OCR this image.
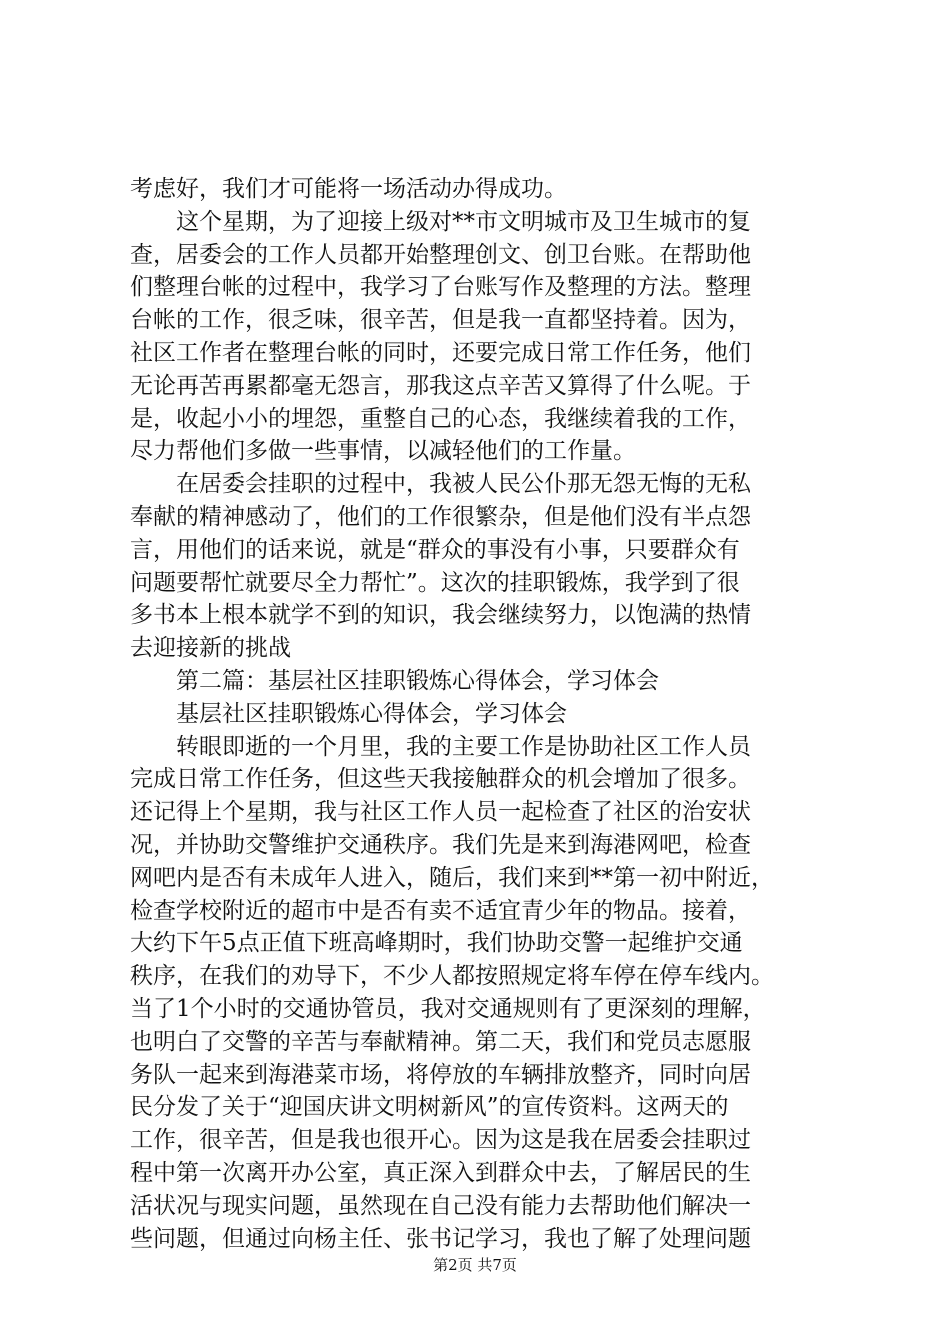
考虑好，我们才可能将一场活动办得成功。
这个星期，为了迎接上级对**市文明城市及卫生城市的复
查，居委会的工作人员都开始整理创文、创卫台账。在帮助他
们整理台帐的过程中，我学习了台账写作及整理的方法。整理
台帐的工作，很乏味，很辛苦，但是我一直都坚持着。因为，
社区工作者在整理台帐的同时，还要完成日常工作任务，他们
无论再苦再累都毫无怨言，那我这点辛苦又算得了什么呢。于
是，收起小小的埋怨，重整自己的心态，我继续着我的工作，
尽力帮他们多做一些事情，以减轻他们的工作量。
在居委会挂职的过程中，我被人民公仆那无怨无悔的无私
奉献的精神感动了，他们的工作很繁杂，但是他们没有半点怨
言，用他们的话来说，就是“群众的事没有小事，只要群众有
问题要帮忙就要尽全力帮忙”。这次的挂职锻炼，我学到了很
多书本上根本就学不到的知识，我会继续努力，以饱满的热情
去迎接新的挑战
第二篇：基层社区挂职锻炼心得体会，学习体会
基层社区挂职锻炼心得体会，学习体会
转眼即逝的一个月里，我的主要工作是协助社区工作人员
完成日常工作任务，但这些天我接触群众的机会增加了很多。
还记得上个星期，我与社区工作人员一起检查了社区的治安状
况，并协助交警维护交通秩序。我们先是来到海港网吧，检查
网吧内是否有未成年人进入，随后，我们来到**第一初中附近，
检查学校附近的超市中是否有卖不适宜青少年的物品。接着，
大约下午5点正值下班高峰期时，我们协助交警一起维护交通
秩序，在我们的劝导下，不少人都按照规定将车停在停车线内。
当了1个小时的交通协管员，我对交通规则有了更深刻的理解，
也明白了交警的辛苦与奉献精神。第二天，我们和党员志愿服
务队一起来到海港菜市场，将停放的车辆排放整齐，同时向居
民分发了关于“迎国庆讲文明树新风”的宣传资料。这两天的
工作，很辛苦，但是我也很开心。因为这是我在居委会挂职过
程中第一次离开办公室，真正深入到群众中去，了解居民的生
活状况与现实问题，虽然现在自己没有能力去帮助他们解决一
些问题，但通过向杨主任、张书记学习，我也了解了处理问题
第2页 共7页
